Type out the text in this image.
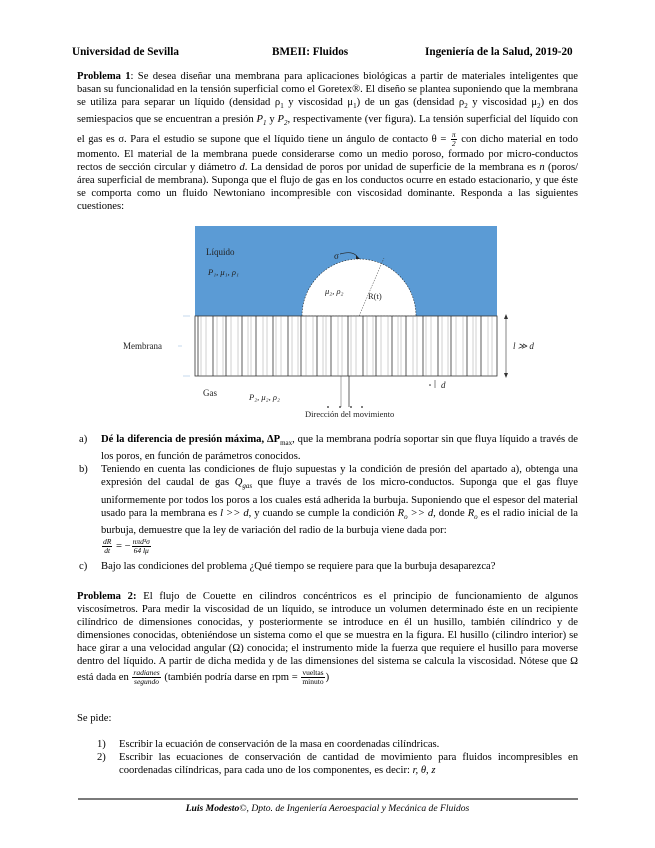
Universidad de Sevilla	BMEII: Fluidos	Ingeniería de la Salud, 2019-20
Problema 1: Se desea diseñar una membrana para aplicaciones biológicas a partir de materiales inteligentes que basan su funcionalidad en la tensión superficial como el Goretex®. El diseño se plantea suponiendo que la membrana se utiliza para separar un líquido (densidad $\rho_1$ y viscosidad $\mu_1$) de un gas (densidad $\rho_2$ y viscosidad $\mu_2$) en dos semiespacios que se encuentran a presión $P_1$ y $P_2$, respectivamente (ver figura). La tensión superficial del líquido con el gas es σ. Para el estudio se supone que el líquido tiene un ángulo de contacto $\theta = \frac{\pi}{2}$ con dicho material en todo momento. El material de la membrana puede considerarse como un medio poroso, formado por micro-conductos rectos de sección circular y diámetro d. La densidad de poros por unidad de superficie de la membrana es n (poros/área superficial de membrana). Suponga que el flujo de gas en los conductos ocurre en estado estacionario, y que éste se comporta como un fluido Newtoniano incompresible con viscosidad dominante. Responda a las siguientes cuestiones:
Líquido
P₁, μ₁, ρ₁
σ
μ₂, ρ₂	R(t)
Membrana	l ≫ d
Gas	P₂, μ₂, ρ₂
d
Dirección del movimiento
a) Dé la diferencia de presión máxima, $\Delta P_{max}$, que la membrana podría soportar sin que fluya líquido a través de los poros, en función de parámetros conocidos.
b) Teniendo en cuenta las condiciones de flujo supuestas y la condición de presión del apartado a), obtenga una expresión del caudal de gas $Q_{gas}$ que fluye a través de los micro-conductos. Suponga que el gas fluye uniformemente por todos los poros a los cuales está adherida la burbuja. Suponiendo que el espesor del material usado para la membrana es l >> d, y cuando se cumple la condición $R_o >> d$, donde $R_o$ es el radio inicial de la burbuja, demuestre que la ley de variación del radio de la burbuja viene dada por:
$\frac{dR}{dt}$ = − $\frac{\text{nπd³σ}}{64 l\mu}$
c) Bajo las condiciones del problema ¿Qué tiempo se requiere para que la burbuja desaparezca?
Problema 2: El flujo de Couette en cilindros concéntricos es el principio de funcionamiento de algunos viscosímetros. Para medir la viscosidad de un líquido, se introduce un volumen determinado éste en un recipiente cilíndrico de dimensiones conocidas, y posteriormente se introduce en él un husillo, también cilíndrico y de dimensiones conocidas, obteniéndose un sistema como el que se muestra en la figura. El husillo (cilindro interior) se hace girar a una velocidad angular (Ω) conocida; el instrumento mide la fuerza que requiere el husillo para moverse dentro del líquido. A partir de dicha medida y de las dimensiones del sistema se calcula la viscosidad. Nótese que Ω está dada en $\frac{\text{radianes}}{\text{segundo}}$ (también podría darse en rpm = $\frac{\text{vueltas}}{\text{minuto}}$ )
Se pide:
1) Escribir la ecuación de conservación de la masa en coordenadas cilíndricas.
2) Escribir las ecuaciones de conservación de cantidad de movimiento para fluidos incompresibles en coordenadas cilíndricas, para cada uno de los componentes, es decir: r, θ, z
Luis Modesto©, Dpto. de Ingeniería Aeroespacial y Mecánica de Fluidos
